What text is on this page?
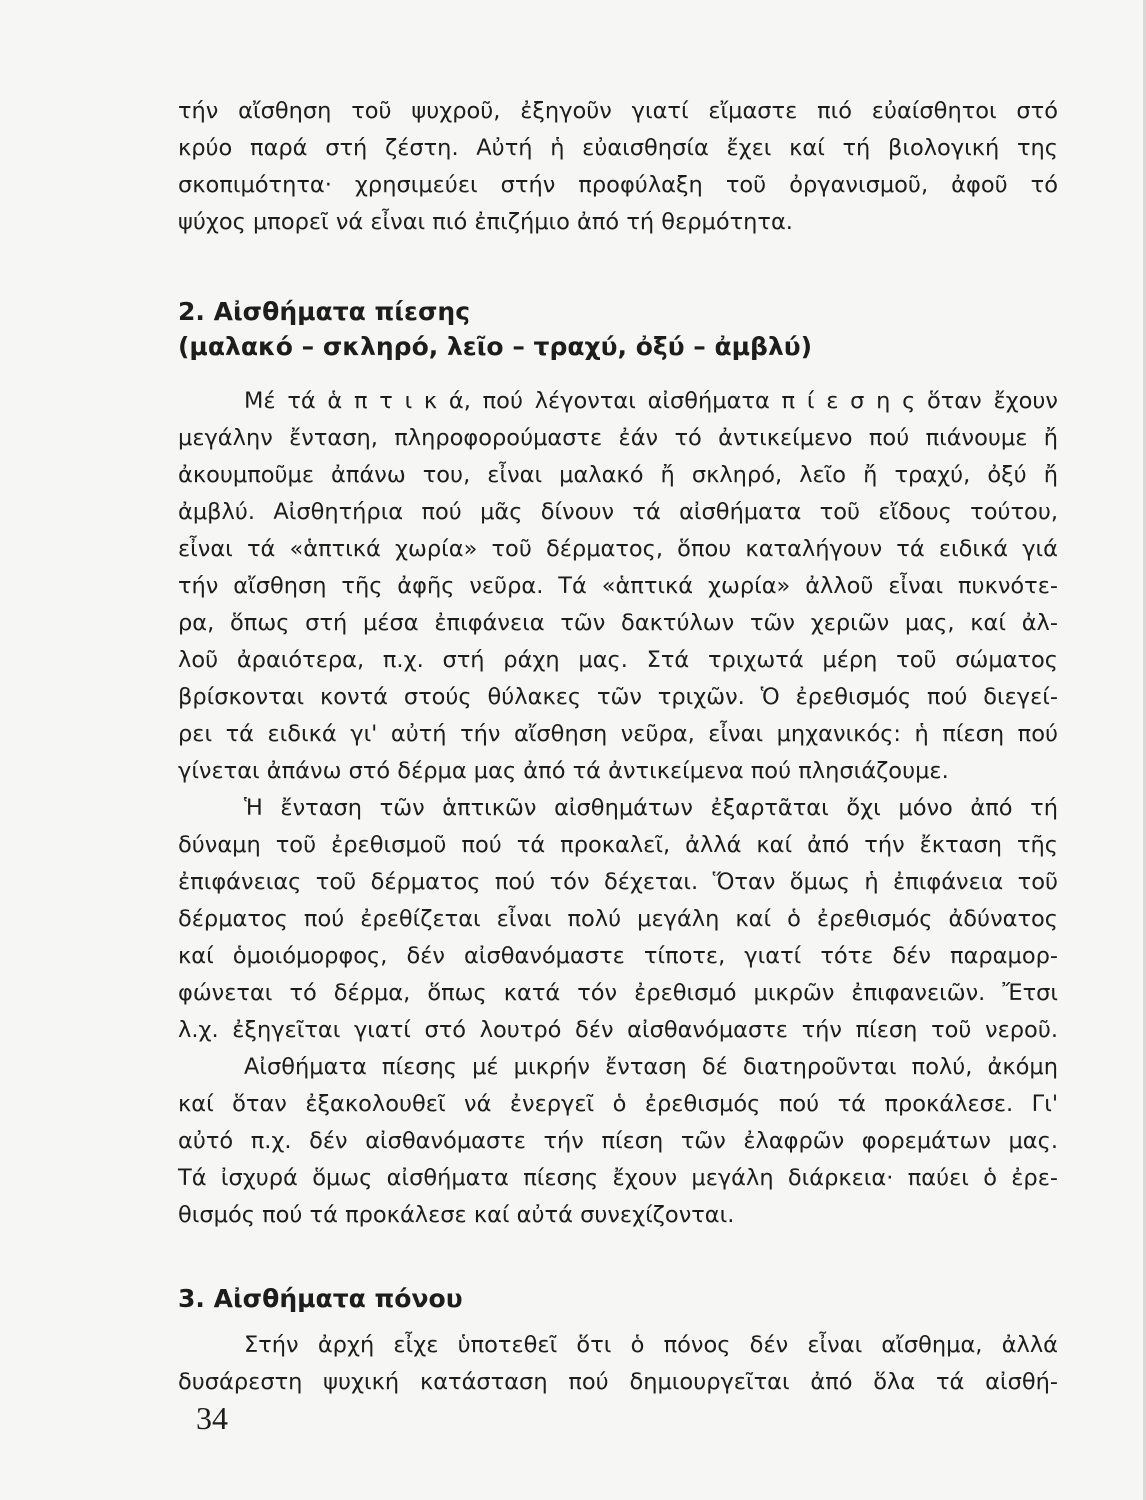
τήν αἴσθηση τοῦ ψυχροῦ, ἐξηγοῦν γιατί εἴμαστε πιό εὐαίσθητοι στό
κρύο παρά στή ζέστη. Αὐτή ἡ εὐαισθησία ἔχει καί τή βιολογική της
σκοπιμότητα· χρησιμεύει στήν προφύλαξη τοῦ ὀργανισμοῦ, ἀφοῦ τό
ψύχος μπορεῖ νά εἶναι πιό ἐπιζήμιο ἀπό τή θερμότητα.
2. Αἰσθήματα πίεσης
(μαλακό – σκληρό, λεῖο – τραχύ, ὀξύ – ἀμβλύ)
Μέ τά ἁ π τ ι κ ά, πού λέγονται αἰσθήματα π ί ε σ η ς ὅταν ἔχουν
μεγάλην ἔνταση, πληροφορούμαστε ἐάν τό ἀντικείμενο πού πιάνουμε ἤ
ἀκουμποῦμε ἀπάνω του, εἶναι μαλακό ἤ σκληρό, λεῖο ἤ τραχύ, ὀξύ ἤ
ἀμβλύ. Αἰσθητήρια πού μᾶς δίνουν τά αἰσθήματα τοῦ εἴδους τούτου,
εἶναι τά «ἁπτικά χωρία» τοῦ δέρματος, ὅπου καταλήγουν τά ειδικά γιά
τήν αἴσθηση τῆς ἀφῆς νεῦρα. Τά «ἁπτικά χωρία» ἀλλοῦ εἶναι πυκνότε-
ρα, ὅπως στή μέσα ἐπιφάνεια τῶν δακτύλων τῶν χεριῶν μας, καί ἀλ-
λοῦ ἀραιότερα, π.χ. στή ράχη μας. Στά τριχωτά μέρη τοῦ σώματος
βρίσκονται κοντά στούς θύλακες τῶν τριχῶν. Ὁ ἐρεθισμός πού διεγεί-
ρει τά ειδικά γι' αὐτή τήν αἴσθηση νεῦρα, εἶναι μηχανικός: ἡ πίεση πού
γίνεται ἀπάνω στό δέρμα μας ἀπό τά ἀντικείμενα πού πλησιάζουμε.
Ἡ ἔνταση τῶν ἁπτικῶν αἰσθημάτων ἐξαρτᾶται ὄχι μόνο ἀπό τή
δύναμη τοῦ ἐρεθισμοῦ πού τά προκαλεῖ, ἀλλά καί ἀπό τήν ἔκταση τῆς
ἐπιφάνειας τοῦ δέρματος πού τόν δέχεται. Ὅταν ὅμως ἡ ἐπιφάνεια τοῦ
δέρματος πού ἐρεθίζεται εἶναι πολύ μεγάλη καί ὁ ἐρεθισμός ἀδύνατος
καί ὁμοιόμορφος, δέν αἰσθανόμαστε τίποτε, γιατί τότε δέν παραμορ-
φώνεται τό δέρμα, ὅπως κατά τόν ἐρεθισμό μικρῶν ἐπιφανειῶν. Ἔτσι
λ.χ. ἐξηγεῖται γιατί στό λουτρό δέν αἰσθανόμαστε τήν πίεση τοῦ νεροῦ.
Αἰσθήματα πίεσης μέ μικρήν ἔνταση δέ διατηροῦνται πολύ, ἀκόμη
καί ὅταν ἐξακολουθεῖ νά ἐνεργεῖ ὁ ἐρεθισμός πού τά προκάλεσε. Γι'
αὐτό π.χ. δέν αἰσθανόμαστε τήν πίεση τῶν ἐλαφρῶν φορεμάτων μας.
Τά ἰσχυρά ὅμως αἰσθήματα πίεσης ἔχουν μεγάλη διάρκεια· παύει ὁ ἐρε-
θισμός πού τά προκάλεσε καί αὐτά συνεχίζονται.
3. Αἰσθήματα πόνου
Στήν ἀρχή εἶχε ὑποτεθεῖ ὅτι ὁ πόνος δέν εἶναι αἴσθημα, ἀλλά
δυσάρεστη ψυχική κατάσταση πού δημιουργεῖται ἀπό ὅλα τά αἰσθή-
34
